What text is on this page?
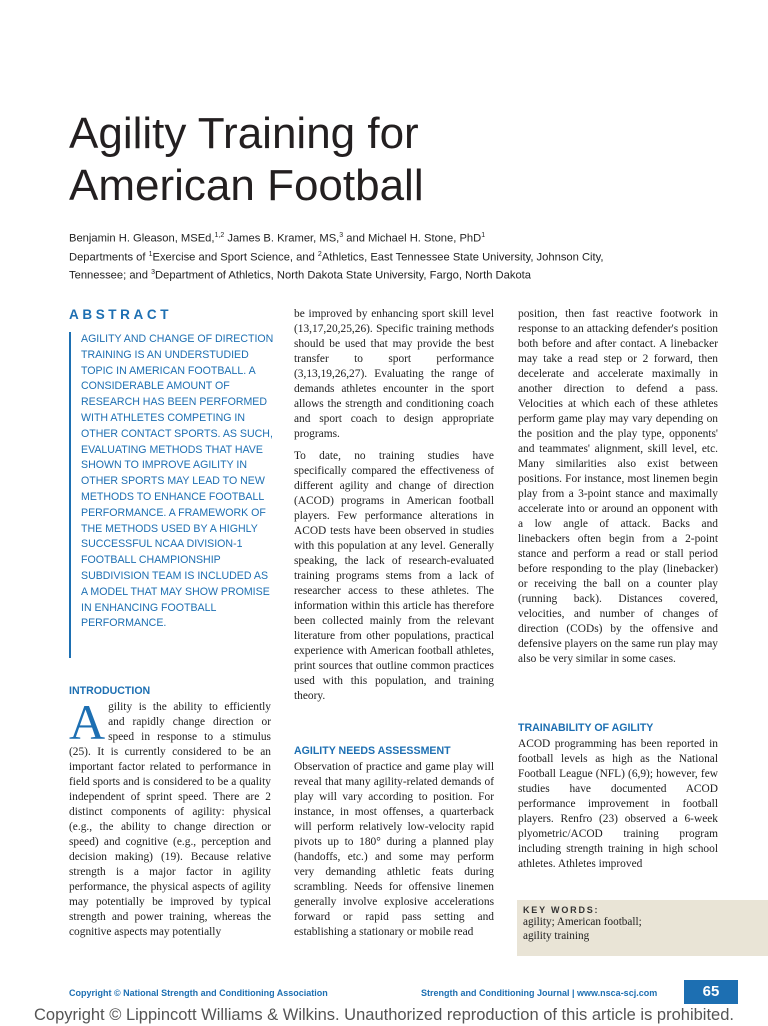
Agility Training for
American Football
Benjamin H. Gleason, MSEd,$^{1,2}$ James B. Kramer, MS,$^3$ and Michael H. Stone, PhD$^1$
Departments of $^1$Exercise and Sport Science, and $^2$Athletics, East Tennessee State University, Johnson City,
Tennessee; and $^3$Department of Athletics, North Dakota State University, Fargo, North Dakota
ABSTRACT
AGILITY AND CHANGE OF DIRECTION TRAINING IS AN UNDERSTUDIED TOPIC IN AMERICAN FOOTBALL. A CONSIDERABLE AMOUNT OF RESEARCH HAS BEEN PERFORMED WITH ATHLETES COMPETING IN OTHER CONTACT SPORTS. AS SUCH, EVALUATING METHODS THAT HAVE SHOWN TO IMPROVE AGILITY IN OTHER SPORTS MAY LEAD TO NEW METHODS TO ENHANCE FOOTBALL PERFORMANCE. A FRAMEWORK OF THE METHODS USED BY A HIGHLY SUCCESSFUL NCAA DIVISION-1 FOOTBALL CHAMPIONSHIP SUBDIVISION TEAM IS INCLUDED AS A MODEL THAT MAY SHOW PROMISE IN ENHANCING FOOTBALL PERFORMANCE.
INTRODUCTION

Agility is the ability to efficiently and rapidly change direction or speed in response to a stimulus (25). It is currently considered to be an important factor related to performance in field sports and is considered to be a quality independent of sprint speed. There are 2 distinct components of agility: physical (e.g., the ability to change direction or speed) and cognitive (e.g., perception and decision making) (19). Because relative strength is a major factor in agility performance, the physical aspects of agility may potentially be improved by typical strength and power training, whereas the cognitive aspects may potentially

be improved by enhancing sport skill level (13,17,20,25,26). Specific training methods should be used that may provide the best transfer to sport performance (3,13,19,26,27). Evaluating the range of demands athletes encounter in the sport allows the strength and conditioning coach and sport coach to design appropriate programs.

To date, no training studies have specifically compared the effectiveness of different agility and change of direction (ACOD) programs in American football players. Few performance alterations in ACOD tests have been observed in studies with this population at any level. Generally speaking, the lack of research-evaluated training programs stems from a lack of researcher access to these athletes. The information within this article has therefore been collected mainly from the relevant literature from other populations, practical experience with American football athletes, print sources that outline common practices used with this population, and training theory.

AGILITY NEEDS ASSESSMENT

Observation of practice and game play will reveal that many agility-related demands of play will vary according to position. For instance, in most offenses, a quarterback will perform relatively low-velocity rapid pivots up to 180° during a planned play (handoffs, etc.) and some may perform very demanding athletic feats during scrambling. Needs for offensive linemen generally involve explosive accelerations forward or rapid pass setting and establishing a stationary or mobile read

position, then fast reactive footwork in response to an attacking defender's position both before and after contact. A linebacker may take a read step or 2 forward, then decelerate and accelerate maximally in another direction to defend a pass. Velocities at which each of these athletes perform game play may vary depending on the position and the play type, opponents' and teammates' alignment, skill level, etc. Many similarities also exist between positions. For instance, most linemen begin play from a 3-point stance and maximally accelerate into or around an opponent with a low angle of attack. Backs and linebackers often begin from a 2-point stance and perform a read or stall period before responding to the play (linebacker) or receiving the ball on a counter play (running back). Distances covered, velocities, and number of changes of direction (CODs) by the offensive and defensive players on the same run play may also be very similar in some cases.

TRAINABILITY OF AGILITY

ACOD programming has been reported in football levels as high as the National Football League (NFL) (6,9); however, few studies have documented ACOD performance improvement in football players. Renfro (23) observed a 6-week plyometric/ACOD training program including strength training in high school athletes. Athletes improved

KEY WORDS:
agility; American football; agility training
Copyright © National Strength and Conditioning Association	Strength and Conditioning Journal | www.nsca-scj.com	65
Copyright © Lippincott Williams & Wilkins. Unauthorized reproduction of this article is prohibited.
